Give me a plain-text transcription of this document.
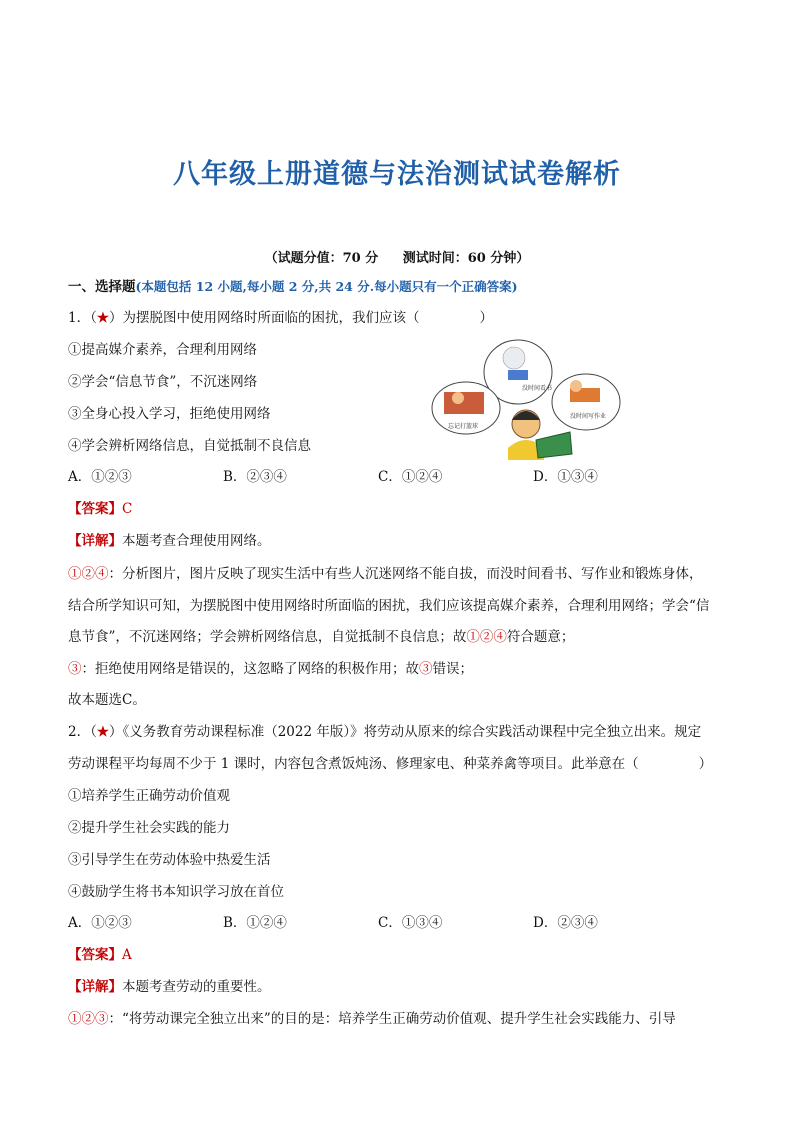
八年级上册道德与法治测试试卷解析
（试题分值：70 分 测试时间：60 分钟）
一、选择题(本题包括 12 小题,每小题 2 分,共 24 分.每小题只有一个正确答案)
1．（★）为摆脱图中使用网络时所面临的困扰，我们应该（	）
①提高媒介素养，合理利用网络
②学会“信息节食”，不沉迷网络
③全身心投入学习，拒绝使用网络
④学会辨析网络信息，自觉抵制不良信息
没时间看书
没时间写作业
忘记打篮球
A．①②③	B．②③④	C．①②④	D．①③④
【答案】C
【详解】本题考查合理使用网络。
①②④：分析图片，图片反映了现实生活中有些人沉迷网络不能自拔，而没时间看书、写作业和锻炼身体，
结合所学知识可知，为摆脱图中使用网络时所面临的困扰，我们应该提高媒介素养，合理利用网络；学会“信
息节食”，不沉迷网络；学会辨析网络信息，自觉抵制不良信息；故①②④符合题意；
③：拒绝使用网络是错误的，这忽略了网络的积极作用；故③错误；
故本题选C。
2．（★）《义务教育劳动课程标准（2022 年版）》将劳动从原来的综合实践活动课程中完全独立出来。规定
劳动课程平均每周不少于 1 课时，内容包含煮饭炖汤、修理家电、种菜养禽等项目。此举意在（	）
①培养学生正确劳动价值观
②提升学生社会实践的能力
③引导学生在劳动体验中热爱生活
④鼓励学生将书本知识学习放在首位
A．①②③	B．①②④	C．①③④	D．②③④
【答案】A
【详解】本题考查劳动的重要性。
①②③：“将劳动课完全独立出来”的目的是：培养学生正确劳动价值观、提升学生社会实践能力、引导
